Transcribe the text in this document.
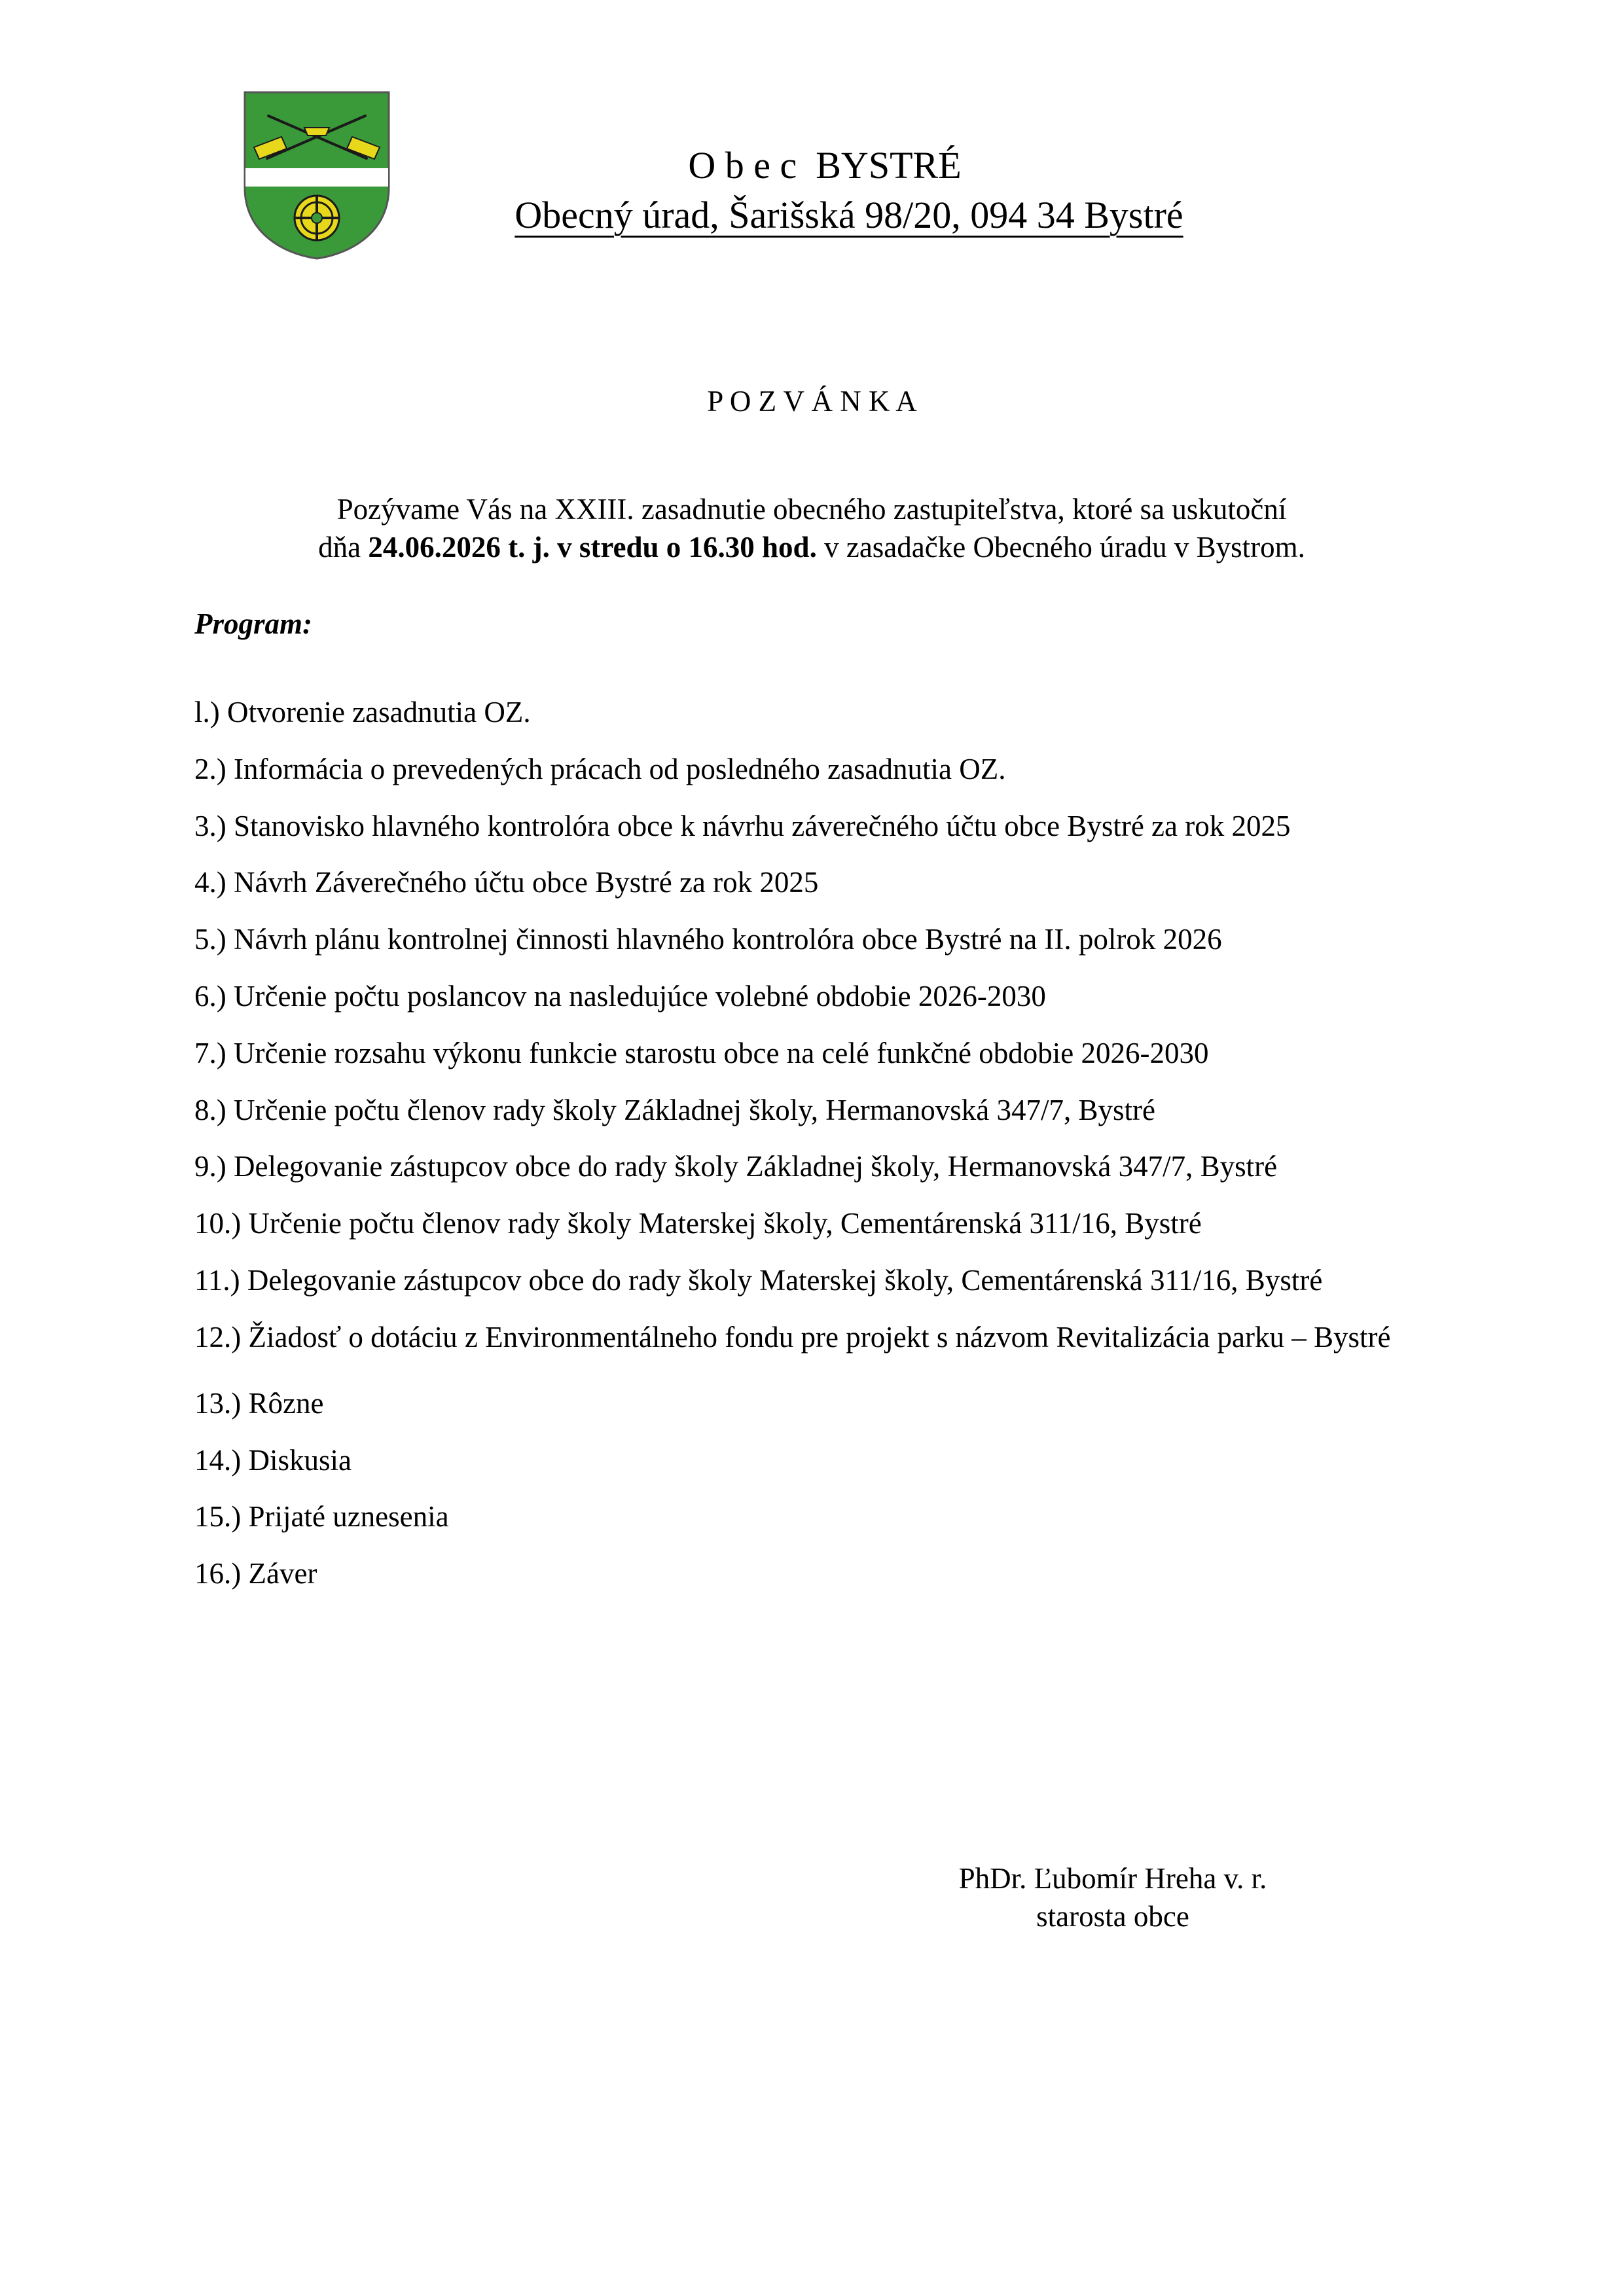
O b e c  BYSTRÉ
Obecný úrad, Šarišská 98/20, 094 34 Bystré
P O Z V Á N K A
Pozývame Vás na XXIII. zasadnutie obecného zastupiteľstva, ktoré sa uskutoční
dňa 24.06.2026 t. j. v stredu o 16.30 hod. v zasadačke Obecného úradu v Bystrom.
Program:
l.) Otvorenie zasadnutia OZ.
2.) Informácia o prevedených prácach od posledného zasadnutia OZ.
3.) Stanovisko hlavného kontrolóra obce k návrhu záverečného účtu obce Bystré za rok 2025
4.) Návrh Záverečného účtu obce Bystré za rok 2025
5.) Návrh plánu kontrolnej činnosti hlavného kontrolóra obce Bystré na II. polrok 2026
6.) Určenie počtu poslancov na nasledujúce volebné obdobie 2026-2030
7.) Určenie rozsahu výkonu funkcie starostu obce na celé funkčné obdobie 2026-2030
8.) Určenie počtu členov rady školy Základnej školy, Hermanovská 347/7, Bystré
9.) Delegovanie zástupcov obce do rady školy Základnej školy, Hermanovská 347/7, Bystré
10.) Určenie počtu členov rady školy Materskej školy, Cementárenská 311/16, Bystré
11.) Delegovanie zástupcov obce do rady školy Materskej školy, Cementárenská 311/16, Bystré
12.) Žiadosť o dotáciu z Environmentálneho fondu pre projekt s názvom Revitalizácia parku – Bystré
13.) Rôzne
14.) Diskusia
15.) Prijaté uznesenia
16.) Záver
PhDr. Ľubomír Hreha v. r.
starosta obce
